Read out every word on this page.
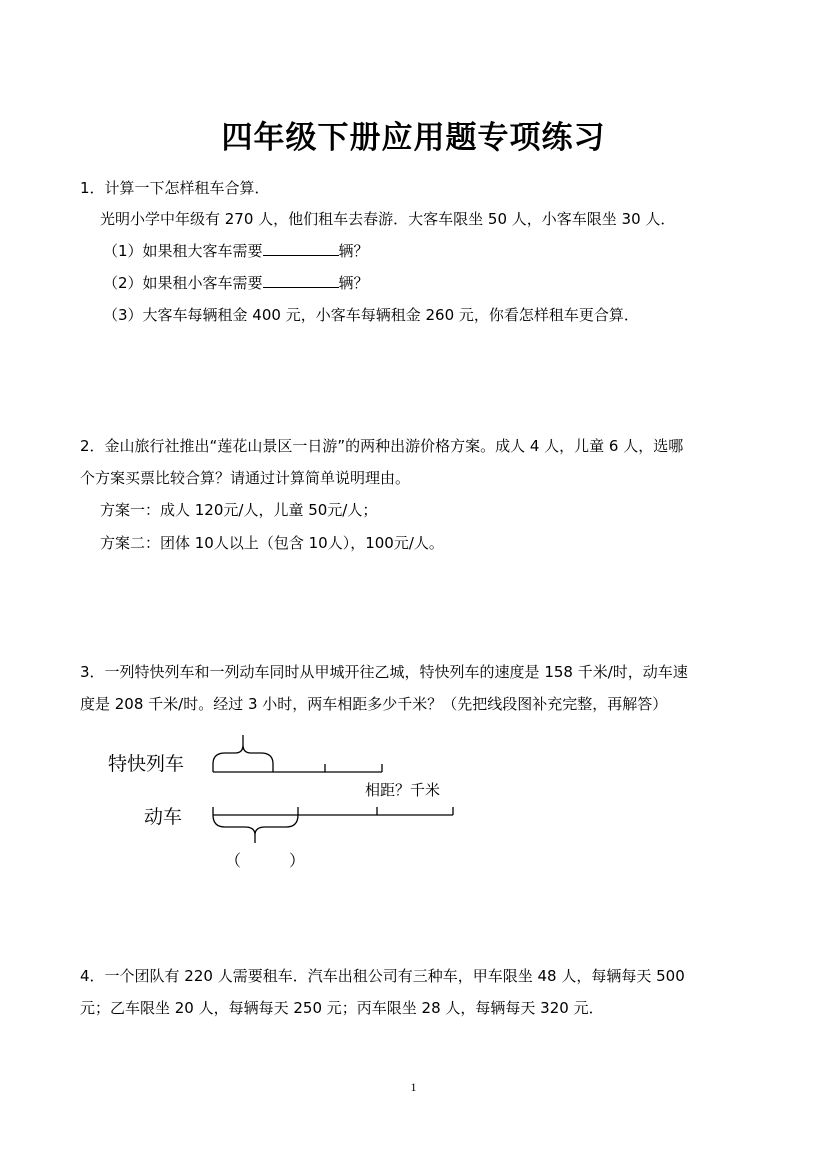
四年级下册应用题专项练习
1．计算一下怎样租车合算．
光明小学中年级有 270 人，他们租车去春游．大客车限坐 50 人，小客车限坐 30 人．
（1）如果租大客车需要	辆？
（2）如果租小客车需要	辆？
（3）大客车每辆租金 400 元，小客车每辆租金 260 元，你看怎样租车更合算．
2．金山旅行社推出“莲花山景区一日游”的两种出游价格方案。成人 4 人，儿童 6 人，选哪
个方案买票比较合算？请通过计算简单说明理由。
方案一：成人 120元/人，儿童 50元/人；
方案二：团体 10人以上（包含 10人），100元/人。
3．一列特快列车和一列动车同时从甲城开往乙城，特快列车的速度是 158 千米/时，动车速
度是 208 千米/时。经过 3 小时，两车相距多少千米？（先把线段图补充完整，再解答）
特快列车
动车
相距？千米
（　　　）
4．一个团队有 220 人需要租车．汽车出租公司有三种车，甲车限坐 48 人，每辆每天 500
元；乙车限坐 20 人，每辆每天 250 元；丙车限坐 28 人，每辆每天 320 元．
1
